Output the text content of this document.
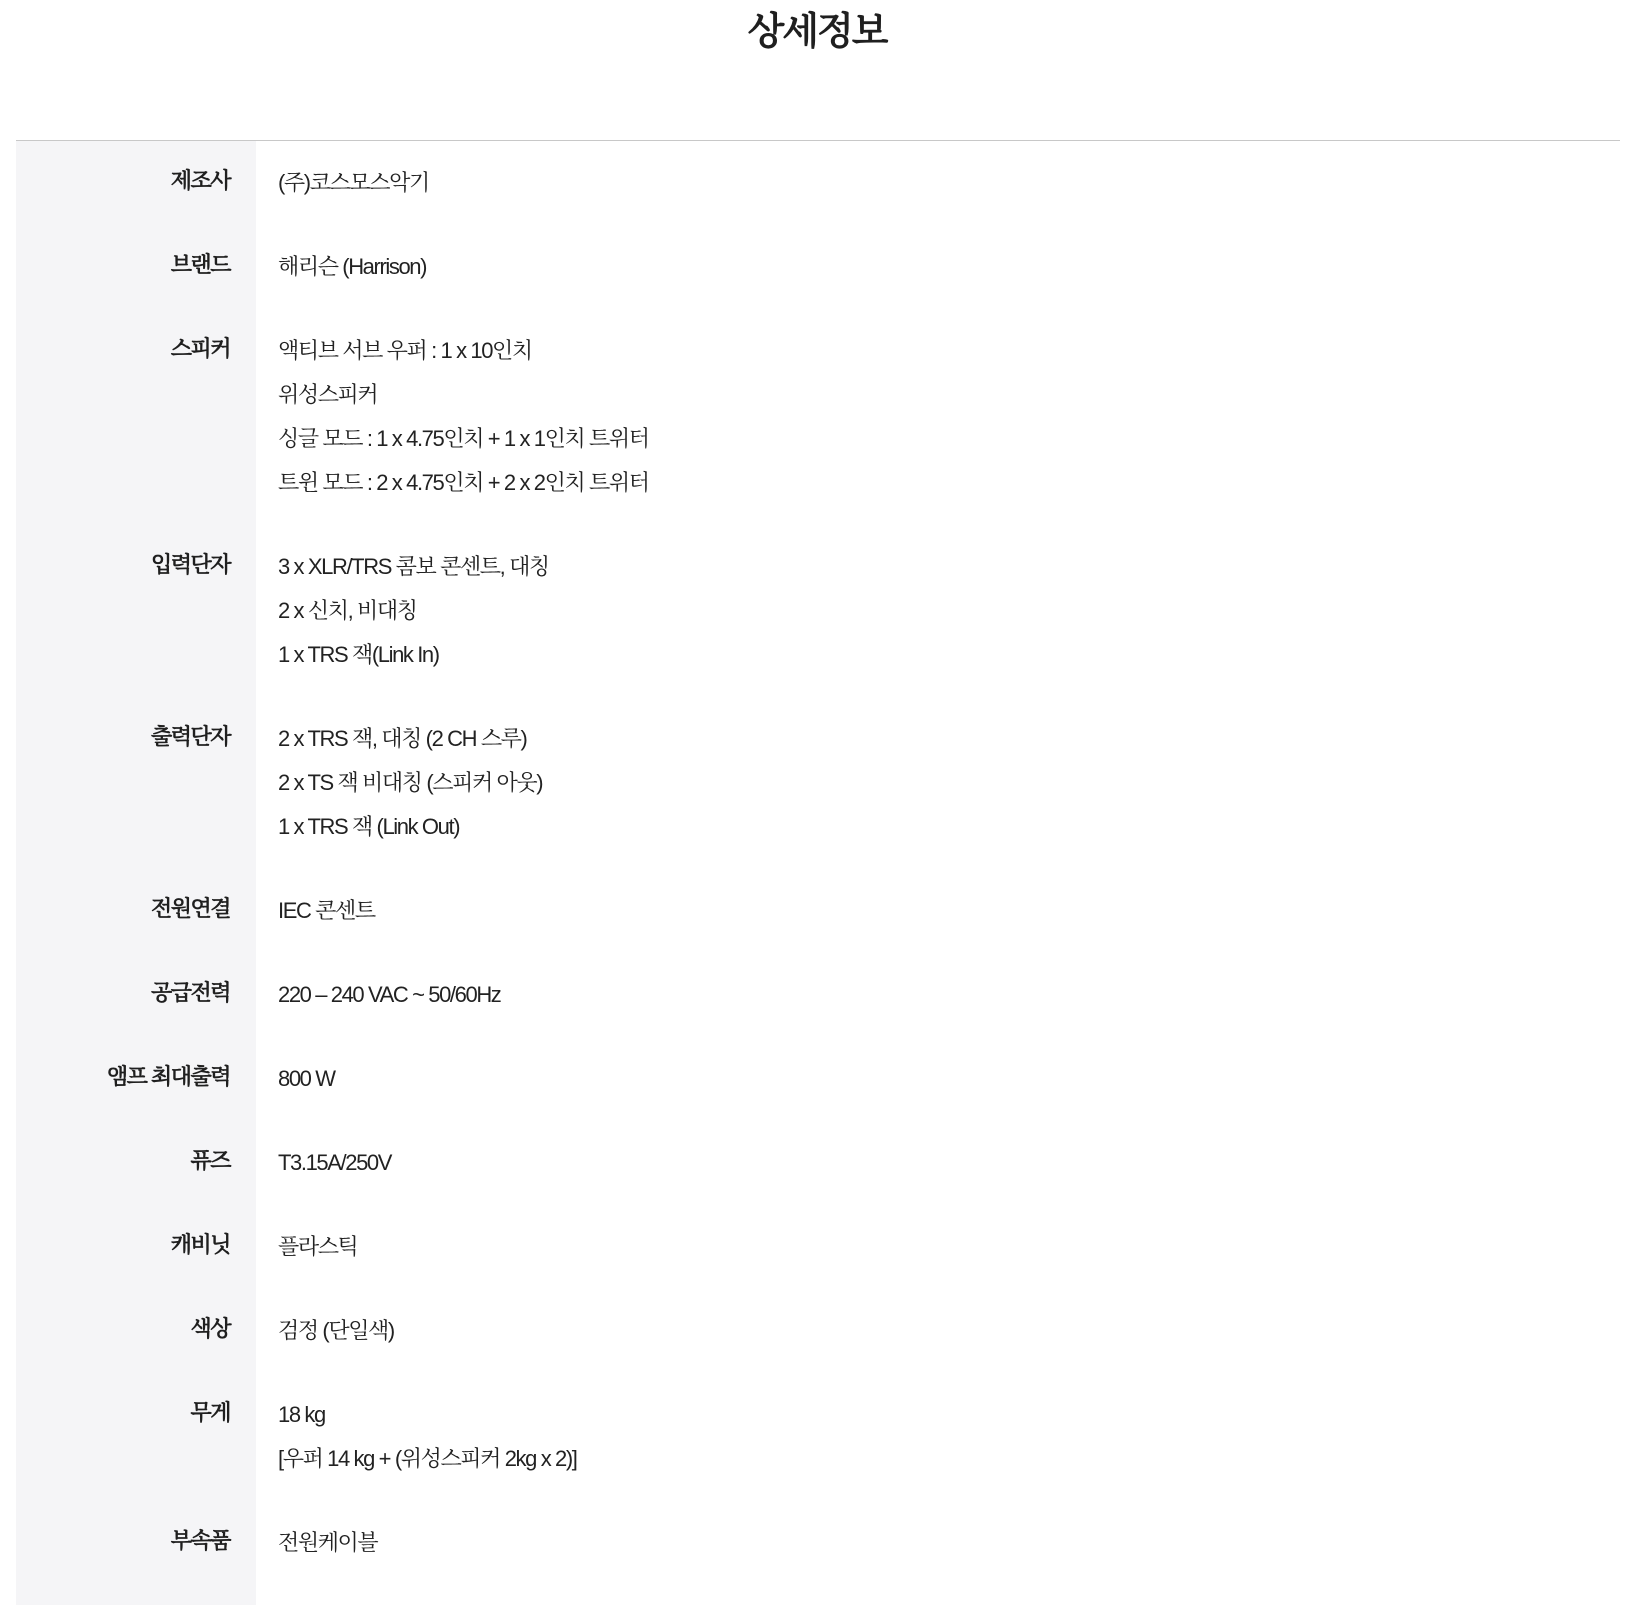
상세정보
제조사	(주)코스모스악기

브랜드	해리슨 (Harrison)

스피커	액티브 서브 우퍼 : 1 x 10인치
위성스피커
싱글 모드 : 1 x 4.75인치 + 1 x 1인치 트위터
트윈 모드 : 2 x 4.75인치 + 2 x 2인치 트위터

입력단자	3 x XLR/TRS 콤보 콘센트, 대칭
2 x 신치, 비대칭
1 x TRS 잭(Link In)

출력단자	2 x TRS 잭, 대칭 (2 CH 스루)
2 x TS 잭 비대칭 (스피커 아웃)
1 x TRS 잭 (Link Out)

전원연결	IEC 콘센트

공급전력	220 – 240 VAC ~ 50/60Hz

앰프 최대출력	800 W

퓨즈	T3.15A/250V

캐비닛	플라스틱

색상	검정 (단일색)

무게	18 kg
[우퍼 14 kg + (위성스피커 2kg x 2)]

부속품	전원케이블
